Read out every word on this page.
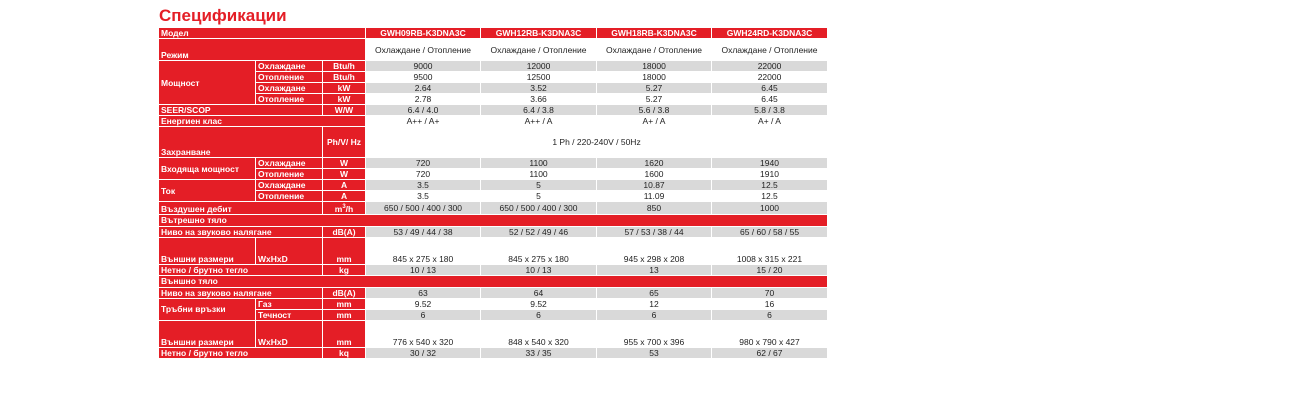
Спецификации
Модел			GWH09RB-K3DNA3C	GWH12RB-K3DNA3C	GWH18RB-K3DNA3C	GWH24RD-K3DNA3C
Режим			Охлаждане / Отопление	Охлаждане / Отопление	Охлаждане / Отопление	Охлаждане / Отопление
Мощност	Охлаждане	Btu/h	9000	12000	18000	22000
	Отопление	Btu/h	9500	12500	18000	22000
	Охлаждане	kW	2.64	3.52	5.27	6.45
	Отопление	kW	2.78	3.66	5.27	6.45
SEER/SCOP		W/W	6.4 / 4.0	6.4 / 3.8	5.6 / 3.8	5.8 / 3.8
Енергиен клас			A++ / A+	A++ / A	A+ / A	A+ / A
Захранване		Ph/V/ Hz	1 Ph / 220-240V / 50Hz			
Входяща мощност	Охлаждане	W	720	1100	1620	1940
	Отопление	W	720	1100	1600	1910
Ток	Охлаждане	A	3.5	5	10.87	12.5
	Отопление	A	3.5	5	11.09	12.5
Въздушен дебит		$m^3/h$	650 / 500 / 400 / 300	650 / 500 / 400 / 300	850	1000
Вътрешно тяло						
Ниво на звуково налягане		dB(A)	53 / 49 / 44 / 38	52 / 52 / 49 / 46	57 / 53 / 38 / 44	65 / 60 / 58 / 55
Външни размери	WxHxD	mm	845 x 275 x 180	845 x 275 x 180	945 x 298 x 208	1008 x 315 x 221
Нетно / брутно тегло		kg	10 / 13	10 / 13	13	15 / 20
Външно тяло						
Ниво на звуково налягане		dB(A)	63	64	65	70
Тръбни връзки	Газ	mm	9.52	9.52	12	16
	Течност	mm	6	6	6	6
Външни размери	WxHxD	mm	776 x 540 x 320	848 x 540 x 320	955 x 700 x 396	980 x 790 x 427
Нетно / брутно тегло		kq	30 / 32	33 / 35	53	62 / 67
